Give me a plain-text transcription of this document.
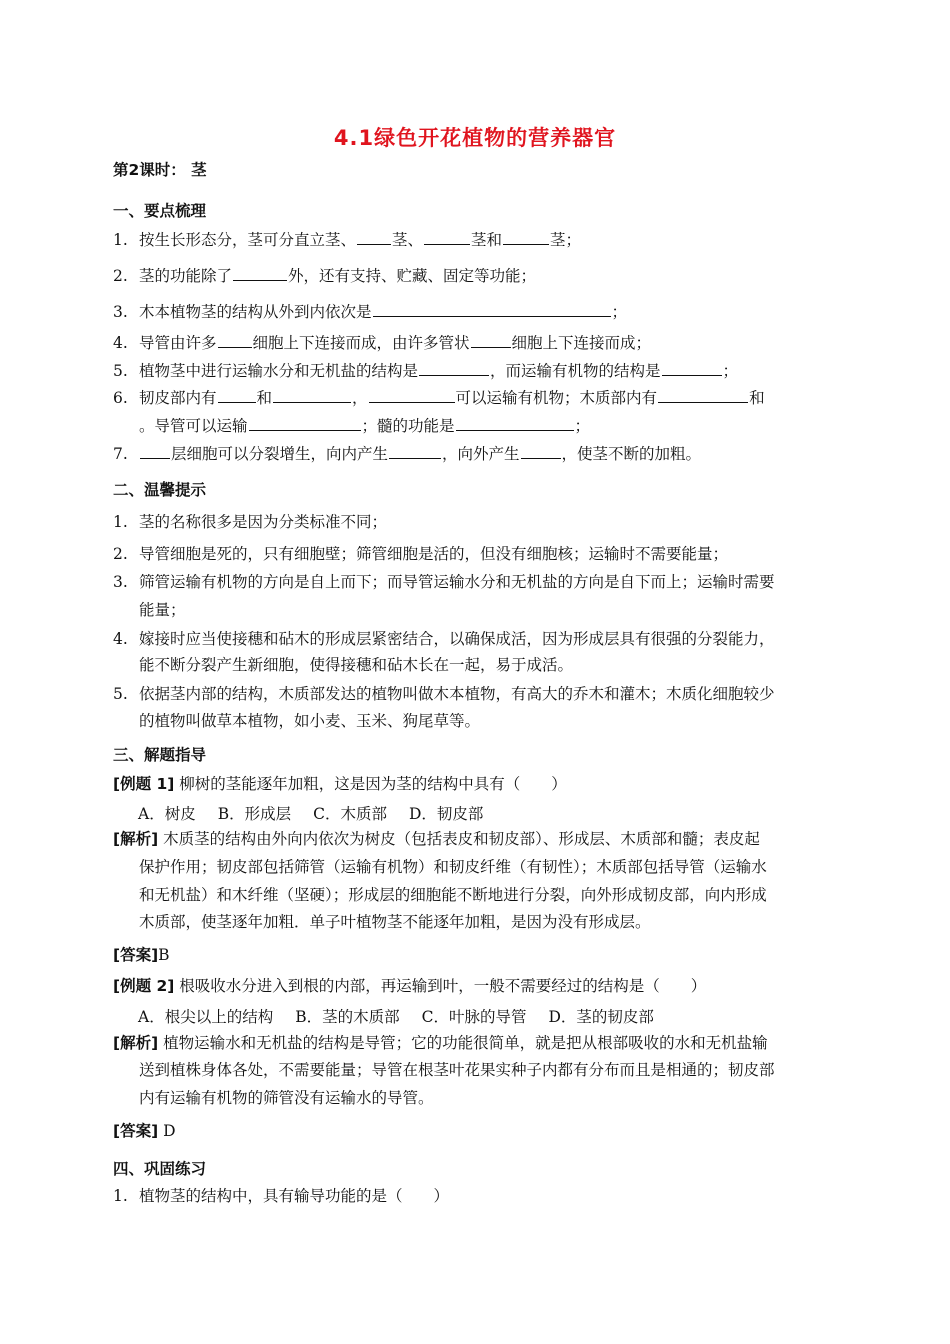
4.1绿色开花植物的营养器官
第2课时： 茎
一、要点梳理
1. 按生长形态分，茎可分直立茎、 茎、	茎和	茎；
2. 茎的功能除了	外，还有支持、贮藏、固定等功能；
3. 木本植物茎的结构从外到内依次是	；
4. 导管由许多 细胞上下连接而成，由许多管状	细胞上下连接而成；
5. 植物茎中进行运输水分和无机盐的结构是	，而运输有机物的结构是	；
6. 韧皮部内有	和	，	可以运输有机物；木质部内有	和
。导管可以运输	；髓的功能是	；
7.	层细胞可以分裂增生，向内产生	，向外产生	，使茎不断的加粗。
二、温馨提示
1. 茎的名称很多是因为分类标准不同；
2. 导管细胞是死的，只有细胞壁；筛管细胞是活的，但没有细胞核；运输时不需要能量；
3. 筛管运输有机物的方向是自上而下；而导管运输水分和无机盐的方向是自下而上；运输时需要
能量；
4. 嫁接时应当使接穗和砧木的形成层紧密结合，以确保成活，因为形成层具有很强的分裂能力，
能不断分裂产生新细胞，使得接穗和砧木长在一起，易于成活。
5. 依据茎内部的结构，木质部发达的植物叫做木本植物，有高大的乔木和灌木；木质化细胞较少
的植物叫做草本植物，如小麦、玉米、狗尾草等。
三、解题指导
[例题 1] 柳树的茎能逐年加粗，这是因为茎的结构中具有（　　）
A．树皮 B．形成层 C．木质部 D．韧皮部
[解析] 木质茎的结构由外向内依次为树皮（包括表皮和韧皮部）、形成层、木质部和髓；表皮起
保护作用；韧皮部包括筛管（运输有机物）和韧皮纤维（有韧性）；木质部包括导管（运输水
和无机盐）和木纤维（坚硬）；形成层的细胞能不断地进行分裂，向外形成韧皮部，向内形成
木质部，使茎逐年加粗．单子叶植物茎不能逐年加粗，是因为没有形成层。
[答案]B
[例题 2] 根吸收水分进入到根的内部，再运输到叶，一般不需要经过的结构是（　　）
A．根尖以上的结构 B．茎的木质部 C．叶脉的导管 D．茎的韧皮部
[解析] 植物运输水和无机盐的结构是导管；它的功能很简单，就是把从根部吸收的水和无机盐输
送到植株身体各处，不需要能量；导管在根茎叶花果实种子内都有分布而且是相通的；韧皮部
内有运输有机物的筛管没有运输水的导管。
[答案] D
四、巩固练习
1. 植物茎的结构中，具有输导功能的是（　　）
